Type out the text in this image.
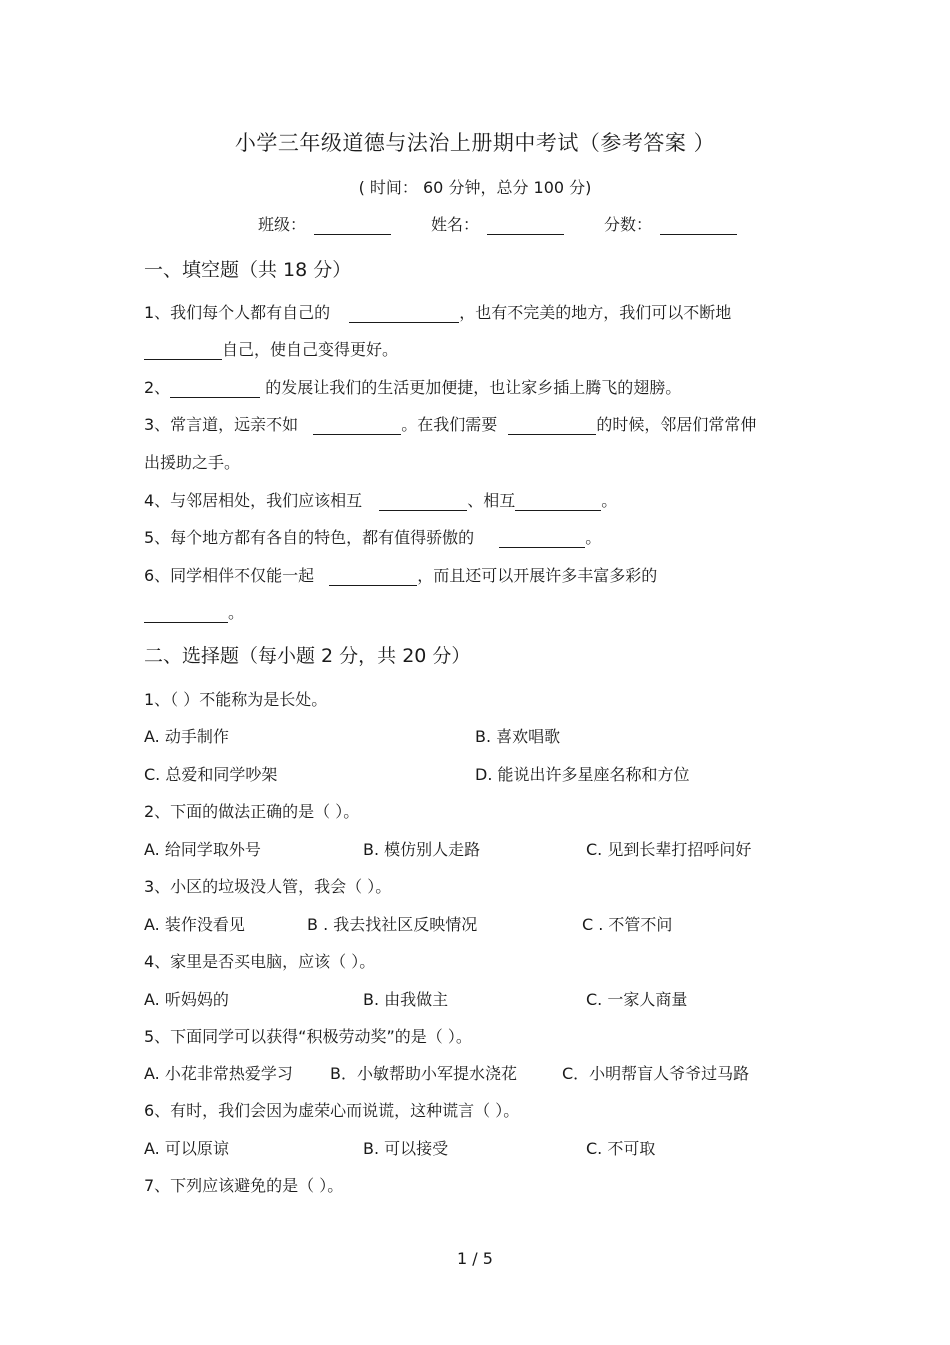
小学三年级道德与法治上册期中考试（参考答案 ）
( 时间： 60 分钟，总分 100 分)
班级：	姓名：	分数：
一、填空题（共 18 分）
1、我们每个人都有自己的	，也有不完美的地方，我们可以不断地
自己，使自己变得更好。
2、	的发展让我们的生活更加便捷，也让家乡插上腾飞的翅膀。
3、常言道，远亲不如	。在我们需要	的时候，邻居们常常伸
出援助之手。
4、与邻居相处，我们应该相互	、相互	。
5、每个地方都有各自的特色，都有值得骄傲的	。
6、同学相伴不仅能一起	，而且还可以开展许多丰富多彩的
。
二、选择题（每小题 2 分，共 20 分）
1、（ ）不能称为是长处。
A. 动手制作	B. 喜欢唱歌
C. 总爱和同学吵架	D. 能说出许多星座名称和方位
2、下面的做法正确的是（ ）。
A. 给同学取外号	B. 模仿别人走路	C. 见到长辈打招呼问好
3、小区的垃圾没人管，我会（ ）。
A. 装作没看见	B . 我去找社区反映情况	C . 不管不问
4、家里是否买电脑，应该（ ）。
A. 听妈妈的	B. 由我做主	C. 一家人商量
5、下面同学可以获得“积极劳动奖”的是（ ）。
A. 小花非常热爱学习 B．小敏帮助小军提水浇花	C．小明帮盲人爷爷过马路
6、有时，我们会因为虚荣心而说谎，这种谎言（ ）。
A. 可以原谅	B. 可以接受	C. 不可取
7、下列应该避免的是（ ）。
1 / 5
